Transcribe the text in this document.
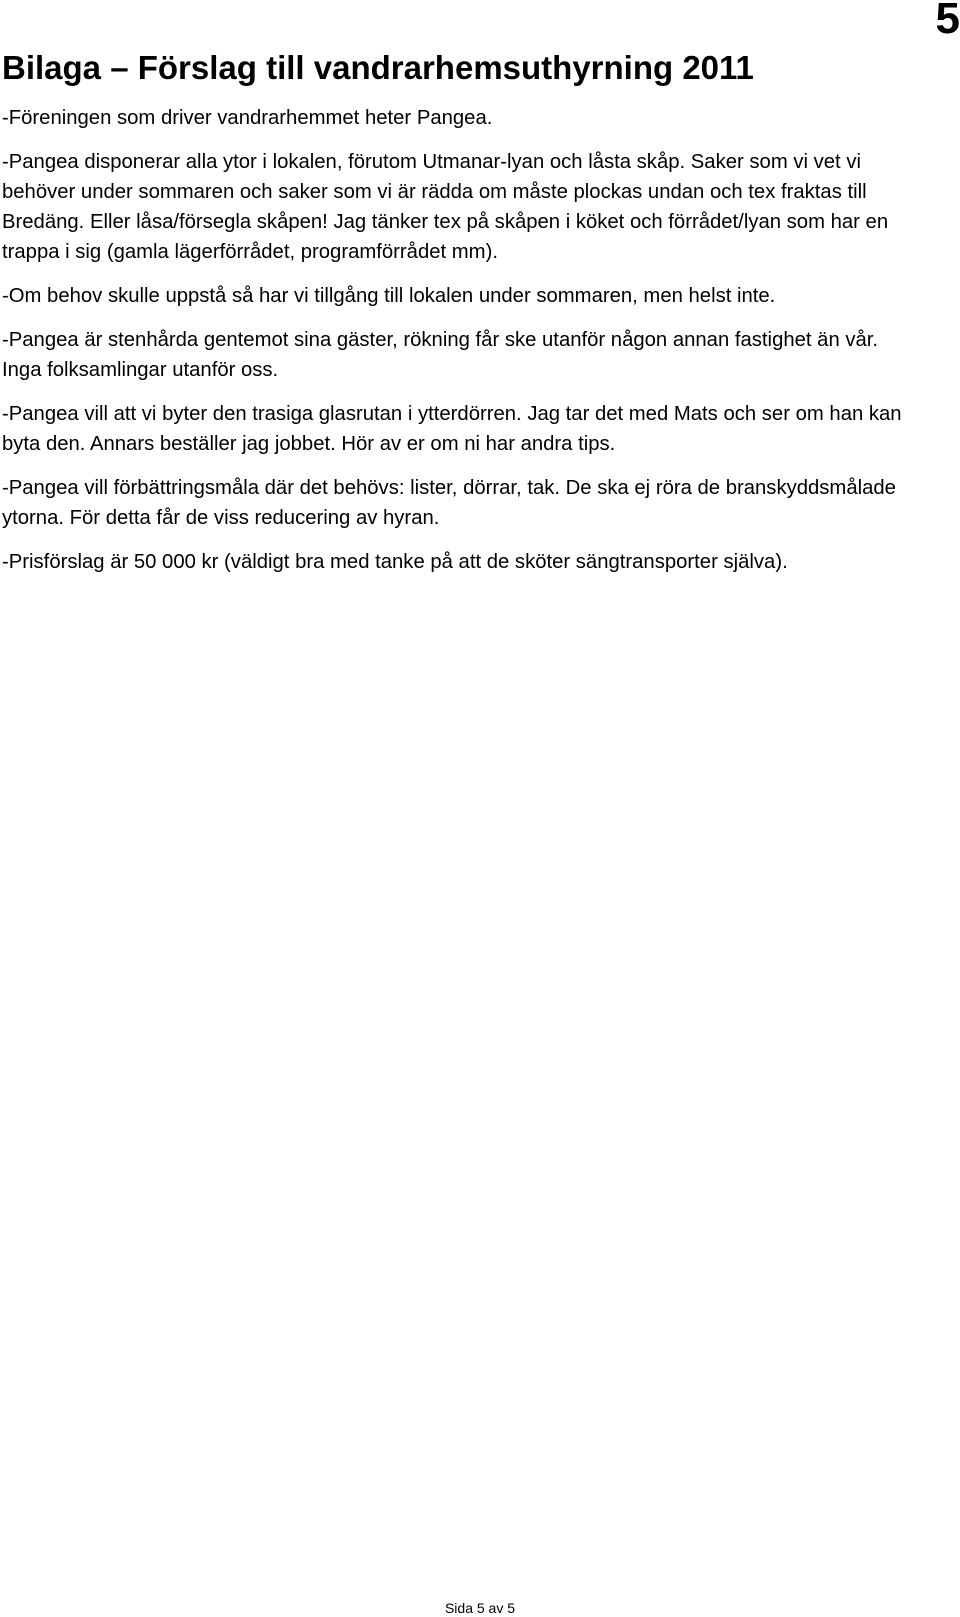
5
Bilaga – Förslag till vandrarhemsuthyrning 2011

-Föreningen som driver vandrarhemmet heter Pangea.

-Pangea disponerar alla ytor i lokalen, förutom Utmanar-lyan och låsta skåp. Saker som vi vet vi behöver under sommaren och saker som vi är rädda om måste plockas undan och tex fraktas till Bredäng. Eller låsa/försegla skåpen! Jag tänker tex på skåpen i köket och förrådet/lyan som har en trappa i sig (gamla lägerförrådet, programförrådet mm).

-Om behov skulle uppstå så har vi tillgång till lokalen under sommaren, men helst inte.

-Pangea är stenhårda gentemot sina gäster, rökning får ske utanför någon annan fastighet än vår. Inga folksamlingar utanför oss.

-Pangea vill att vi byter den trasiga glasrutan i ytterdörren. Jag tar det med Mats och ser om han kan byta den. Annars beställer jag jobbet. Hör av er om ni har andra tips.

-Pangea vill förbättringsmåla där det behövs: lister, dörrar, tak. De ska ej röra de branskyddsmålade ytorna. För detta får de viss reducering av hyran.

-Prisförslag är 50 000 kr (väldigt bra med tanke på att de sköter sängtransporter själva).

Sida 5 av 5
